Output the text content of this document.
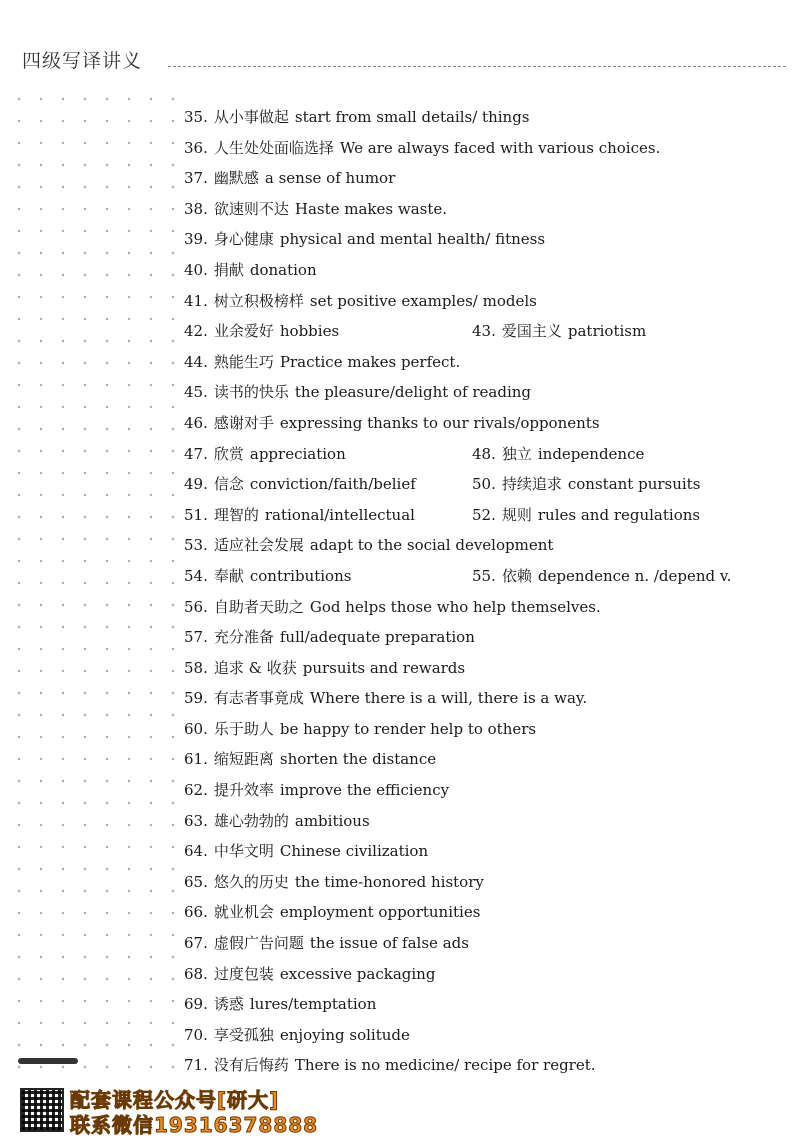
四级写译讲义
35. 从小事做起 start from small details/ things
36. 人生处处面临选择 We are always faced with various choices.
37. 幽默感 a sense of humor
38. 欲速则不达 Haste makes waste.
39. 身心健康 physical and mental health/ fitness
40. 捐献 donation
41. 树立积极榜样 set positive examples/ models
42. 业余爱好 hobbies	43. 爱国主义 patriotism
44. 熟能生巧 Practice makes perfect.
45. 读书的快乐 the pleasure/delight of reading
46. 感谢对手 expressing thanks to our rivals/opponents
47. 欣赏 appreciation	48. 独立 independence
49. 信念 conviction/faith/belief	50. 持续追求 constant pursuits
51. 理智的 rational/intellectual	52. 规则 rules and regulations
53. 适应社会发展 adapt to the social development
54. 奉献 contributions	55. 依赖 dependence n. /depend v.
56. 自助者天助之 God helps those who help themselves.
57. 充分准备 full/adequate preparation
58. 追求 & 收获 pursuits and rewards
59. 有志者事竟成 Where there is a will, there is a way.
60. 乐于助人 be happy to render help to others
61. 缩短距离 shorten the distance
62. 提升效率 improve the efficiency
63. 雄心勃勃的 ambitious
64. 中华文明 Chinese civilization
65. 悠久的历史 the time-honored history
66. 就业机会 employment opportunities
67. 虚假广告问题 the issue of false ads
68. 过度包装 excessive packaging
69. 诱惑 lures/temptation
70. 享受孤独 enjoying solitude
71. 没有后悔药 There is no medicine/ recipe for regret.
配套课程公众号[研大]
联系微信19316378888
